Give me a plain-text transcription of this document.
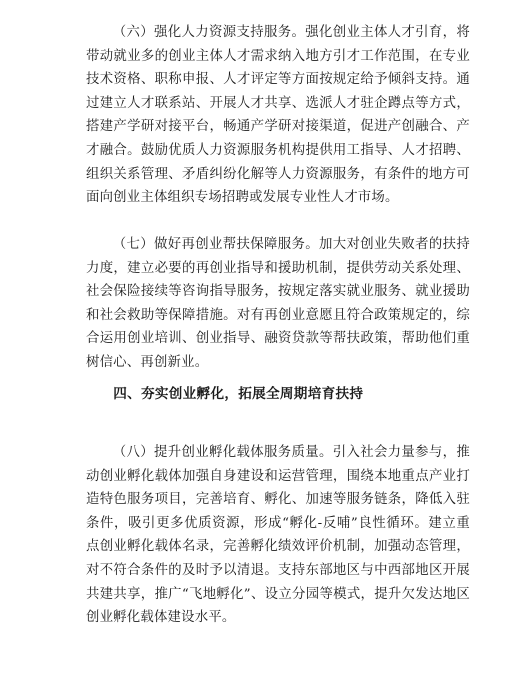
（六）强化人力资源支持服务。强化创业主体人才引育，将带动就业多的创业主体人才需求纳入地方引才工作范围，在专业技术资格、职称申报、人才评定等方面按规定给予倾斜支持。通过建立人才联系站、开展人才共享、选派人才驻企蹲点等方式，搭建产学研对接平台，畅通产学研对接渠道，促进产创融合、产才融合。鼓励优质人力资源服务机构提供用工指导、人才招聘、组织关系管理、矛盾纠纷化解等人力资源服务，有条件的地方可面向创业主体组织专场招聘或发展专业性人才市场。

（七）做好再创业帮扶保障服务。加大对创业失败者的扶持力度，建立必要的再创业指导和援助机制，提供劳动关系处理、社会保险接续等咨询指导服务，按规定落实就业服务、就业援助和社会救助等保障措施。对有再创业意愿且符合政策规定的，综合运用创业培训、创业指导、融资贷款等帮扶政策，帮助他们重树信心、再创新业。

四、夯实创业孵化，拓展全周期培育扶持

（八）提升创业孵化载体服务质量。引入社会力量参与，推动创业孵化载体加强自身建设和运营管理，围绕本地重点产业打造特色服务项目，完善培育、孵化、加速等服务链条，降低入驻条件，吸引更多优质资源，形成“孵化-反哺”良性循环。建立重点创业孵化载体名录，完善孵化绩效评价机制，加强动态管理，对不符合条件的及时予以清退。支持东部地区与中西部地区开展共建共享，推广“飞地孵化”、设立分园等模式，提升欠发达地区创业孵化载体建设水平。
